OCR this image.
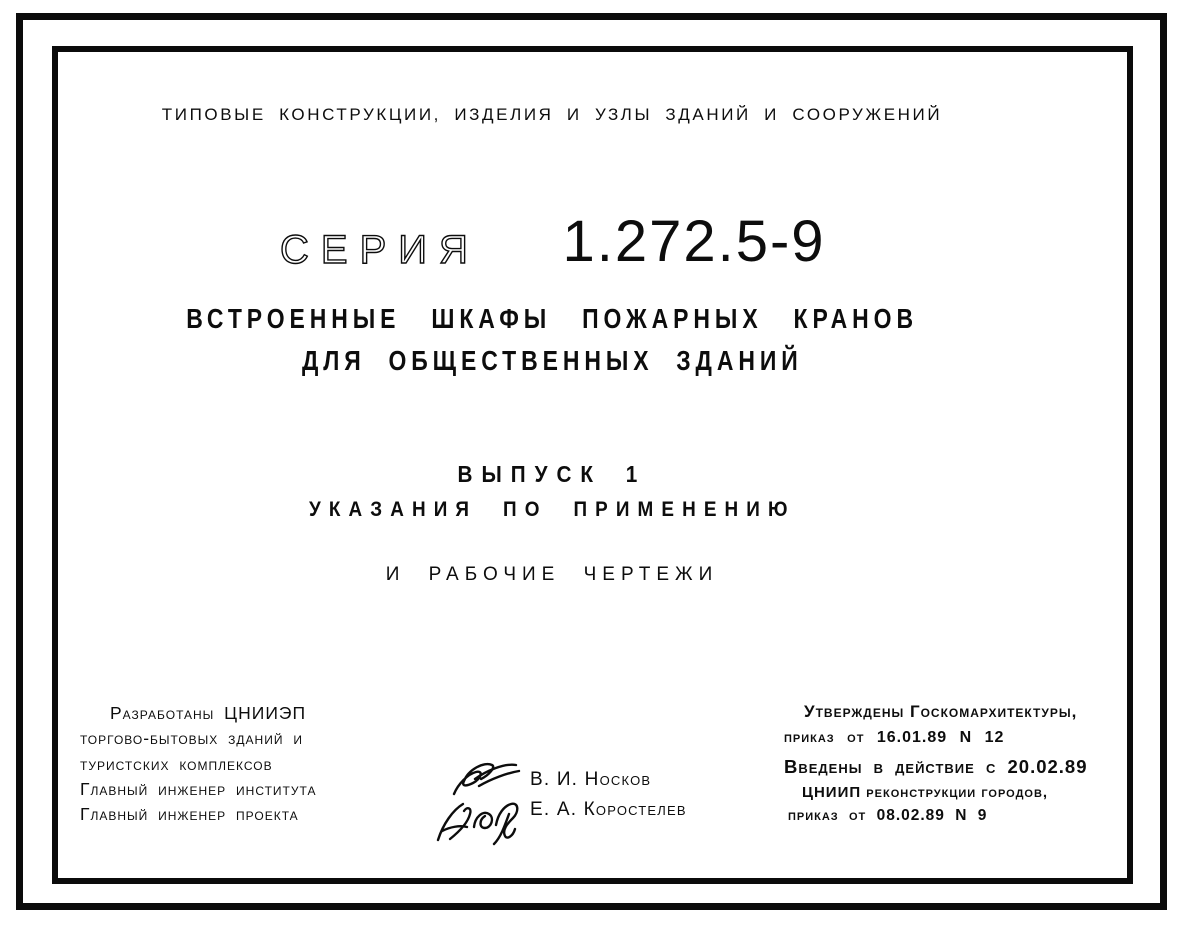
ТИПОВЫЕ КОНСТРУКЦИИ, ИЗДЕЛИЯ И УЗЛЫ ЗДАНИЙ И СООРУЖЕНИЙ
СЕРИЯ 1.272.5-9
ВСТРОЕННЫЕ ШКАФЫ ПОЖАРНЫХ КРАНОВ
ДЛЯ ОБЩЕСТВЕННЫХ ЗДАНИЙ
ВЫПУСК 1
УКАЗАНИЯ ПО ПРИМЕНЕНИЮ
И РАБОЧИЕ ЧЕРТЕЖИ
Разработаны ЦНИИЭП
торгово-бытовых зданий и
туристских комплексов
Главный инженер института
Главный инженер проекта
В. И. Носков
Е. А. Коростелев
Утверждены Госкомархитектуры,
приказ от 16.01.89 N 12
Введены в действие с 20.02.89
ЦНИИП реконструкции городов,
приказ от 08.02.89 N 9
